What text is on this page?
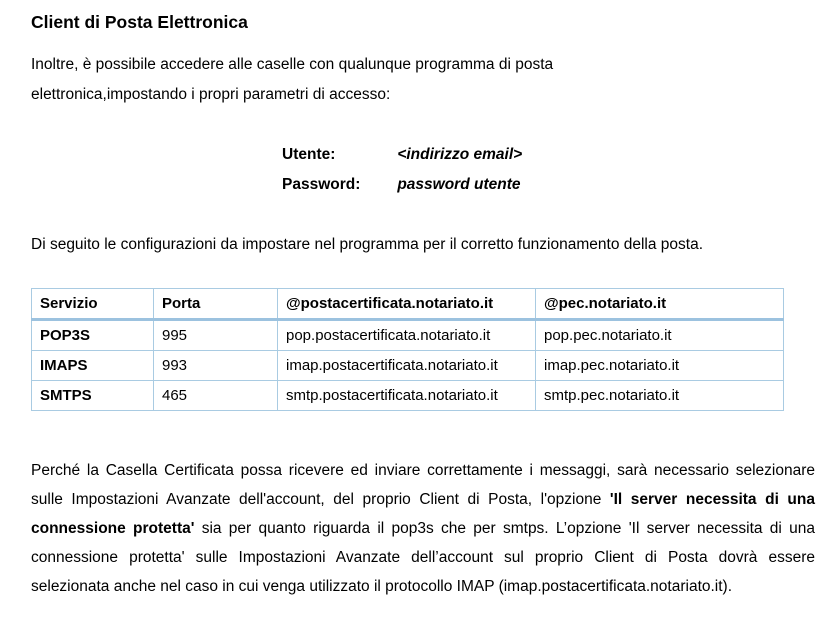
Client di Posta Elettronica

Inoltre, è possibile accedere alle caselle con qualunque programma di posta
elettronica,impostando i propri parametri di accesso:

Utente:	<indirizzo email>
Password: password utente

Di seguito le configurazioni da impostare nel programma per il corretto funzionamento della posta.

Servizio	Porta	@postacertificata.notariato.it	@pec.notariato.it
POP3S	995	pop.postacertificata.notariato.it	pop.pec.notariato.it
IMAPS	993	imap.postacertificata.notariato.it	imap.pec.notariato.it
SMTPS	465	smtp.postacertificata.notariato.it	smtp.pec.notariato.it

Perché la Casella Certificata possa ricevere ed inviare correttamente i messaggi, sarà necessario selezionare sulle Impostazioni Avanzate dell'account, del proprio Client di Posta, l'opzione 'Il server necessita di una connessione protetta' sia per quanto riguarda il pop3s che per smtps. L’opzione 'Il server necessita di una connessione protetta' sulle Impostazioni Avanzate dell’account sul proprio Client di Posta dovrà essere selezionata anche nel caso in cui venga utilizzato il protocollo IMAP (imap.postacertificata.notariato.it).
